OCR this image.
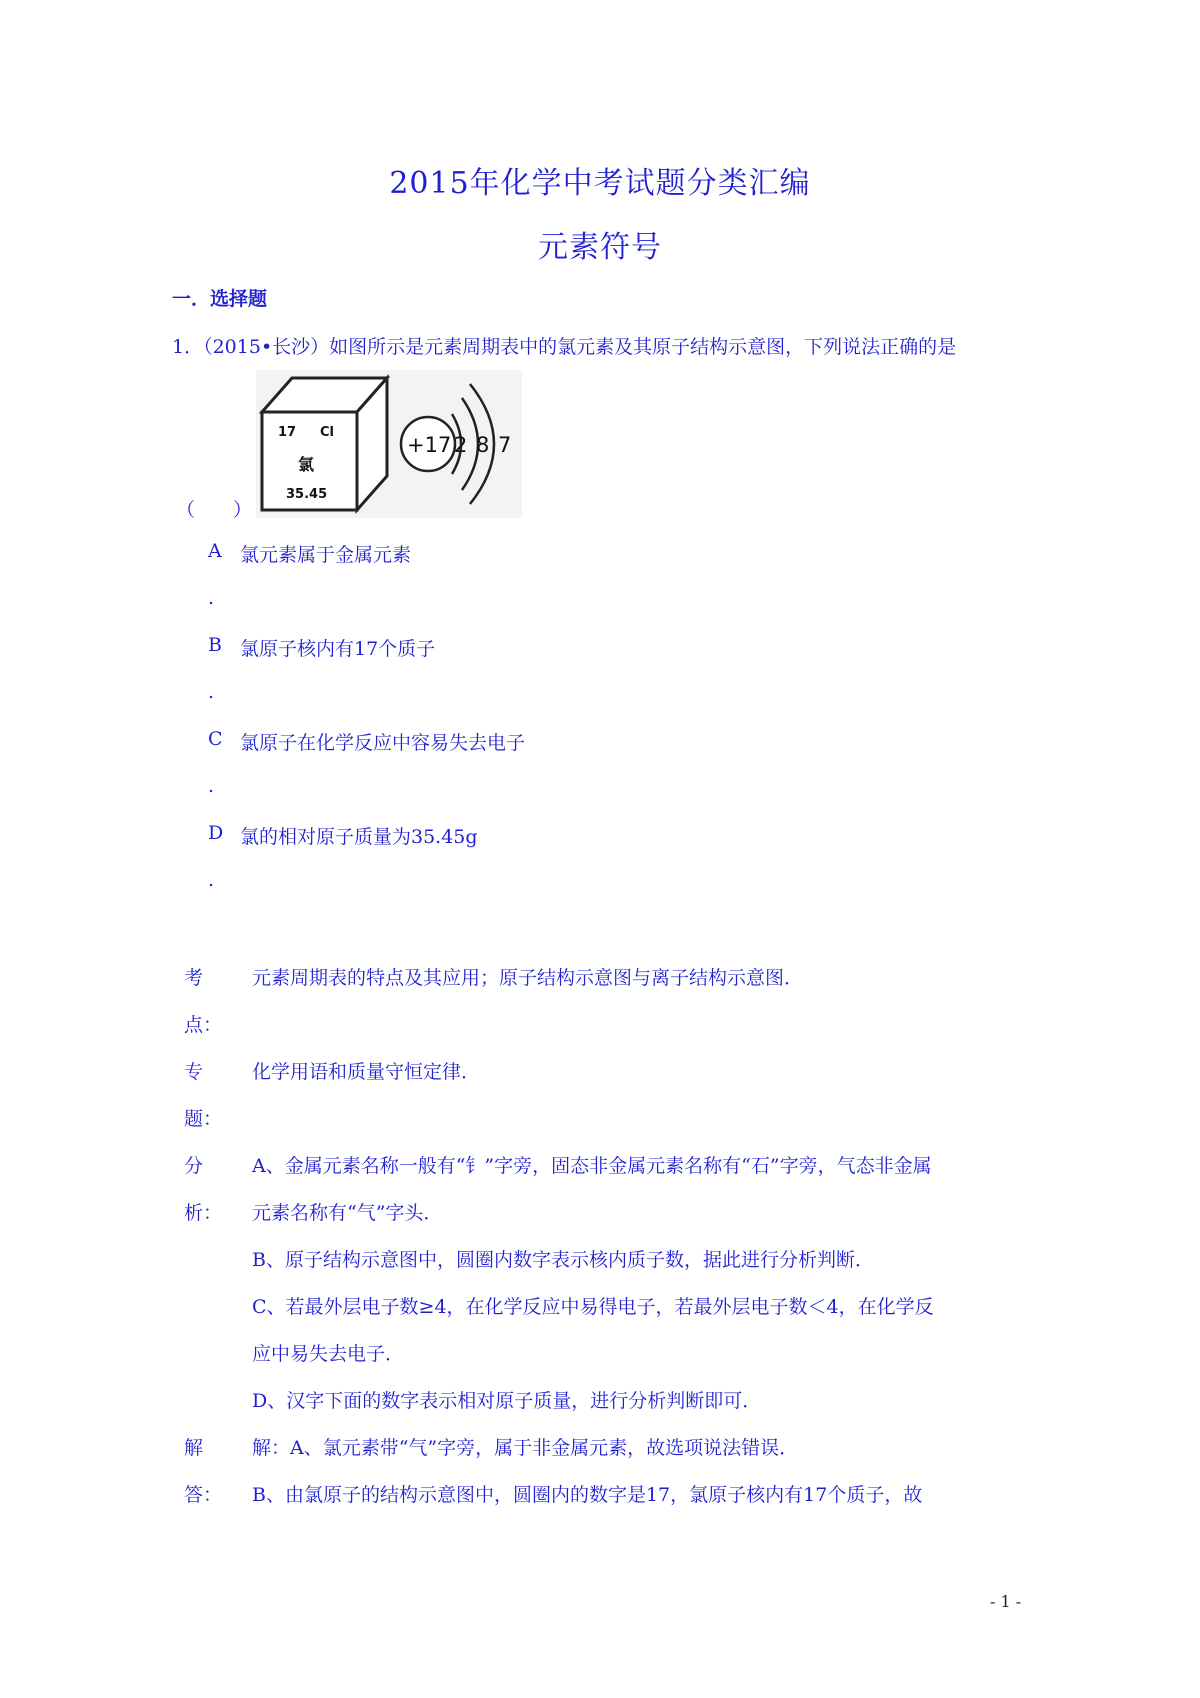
2015年化学中考试题分类汇编
元素符号
一．选择题
1．（2015•长沙）如图所示是元素周期表中的氯元素及其原子结构示意图，下列说法正确的是
17 Cl
氯
35.45
+17 2 8 7
（　　）
A 氯元素属于金属元素
.
B 氯原子核内有17个质子
.
C 氯原子在化学反应中容易失去电子
.
D 氯的相对原子质量为35.45g
.
考
点：
元素周期表的特点及其应用；原子结构示意图与离子结构示意图．
专
题：
化学用语和质量守恒定律．
分
析：
A、金属元素名称一般有“钅”字旁，固态非金属元素名称有“石”字旁，气态非金属
元素名称有“气”字头．
B、原子结构示意图中，圆圈内数字表示核内质子数，据此进行分析判断．
C、若最外层电子数≥4，在化学反应中易得电子，若最外层电子数＜4，在化学反
应中易失去电子．
D、汉字下面的数字表示相对原子质量，进行分析判断即可．
解
答：
解：A、氯元素带“气”字旁，属于非金属元素，故选项说法错误．
B、由氯原子的结构示意图中，圆圈内的数字是17，氯原子核内有17个质子，故
- 1 -
